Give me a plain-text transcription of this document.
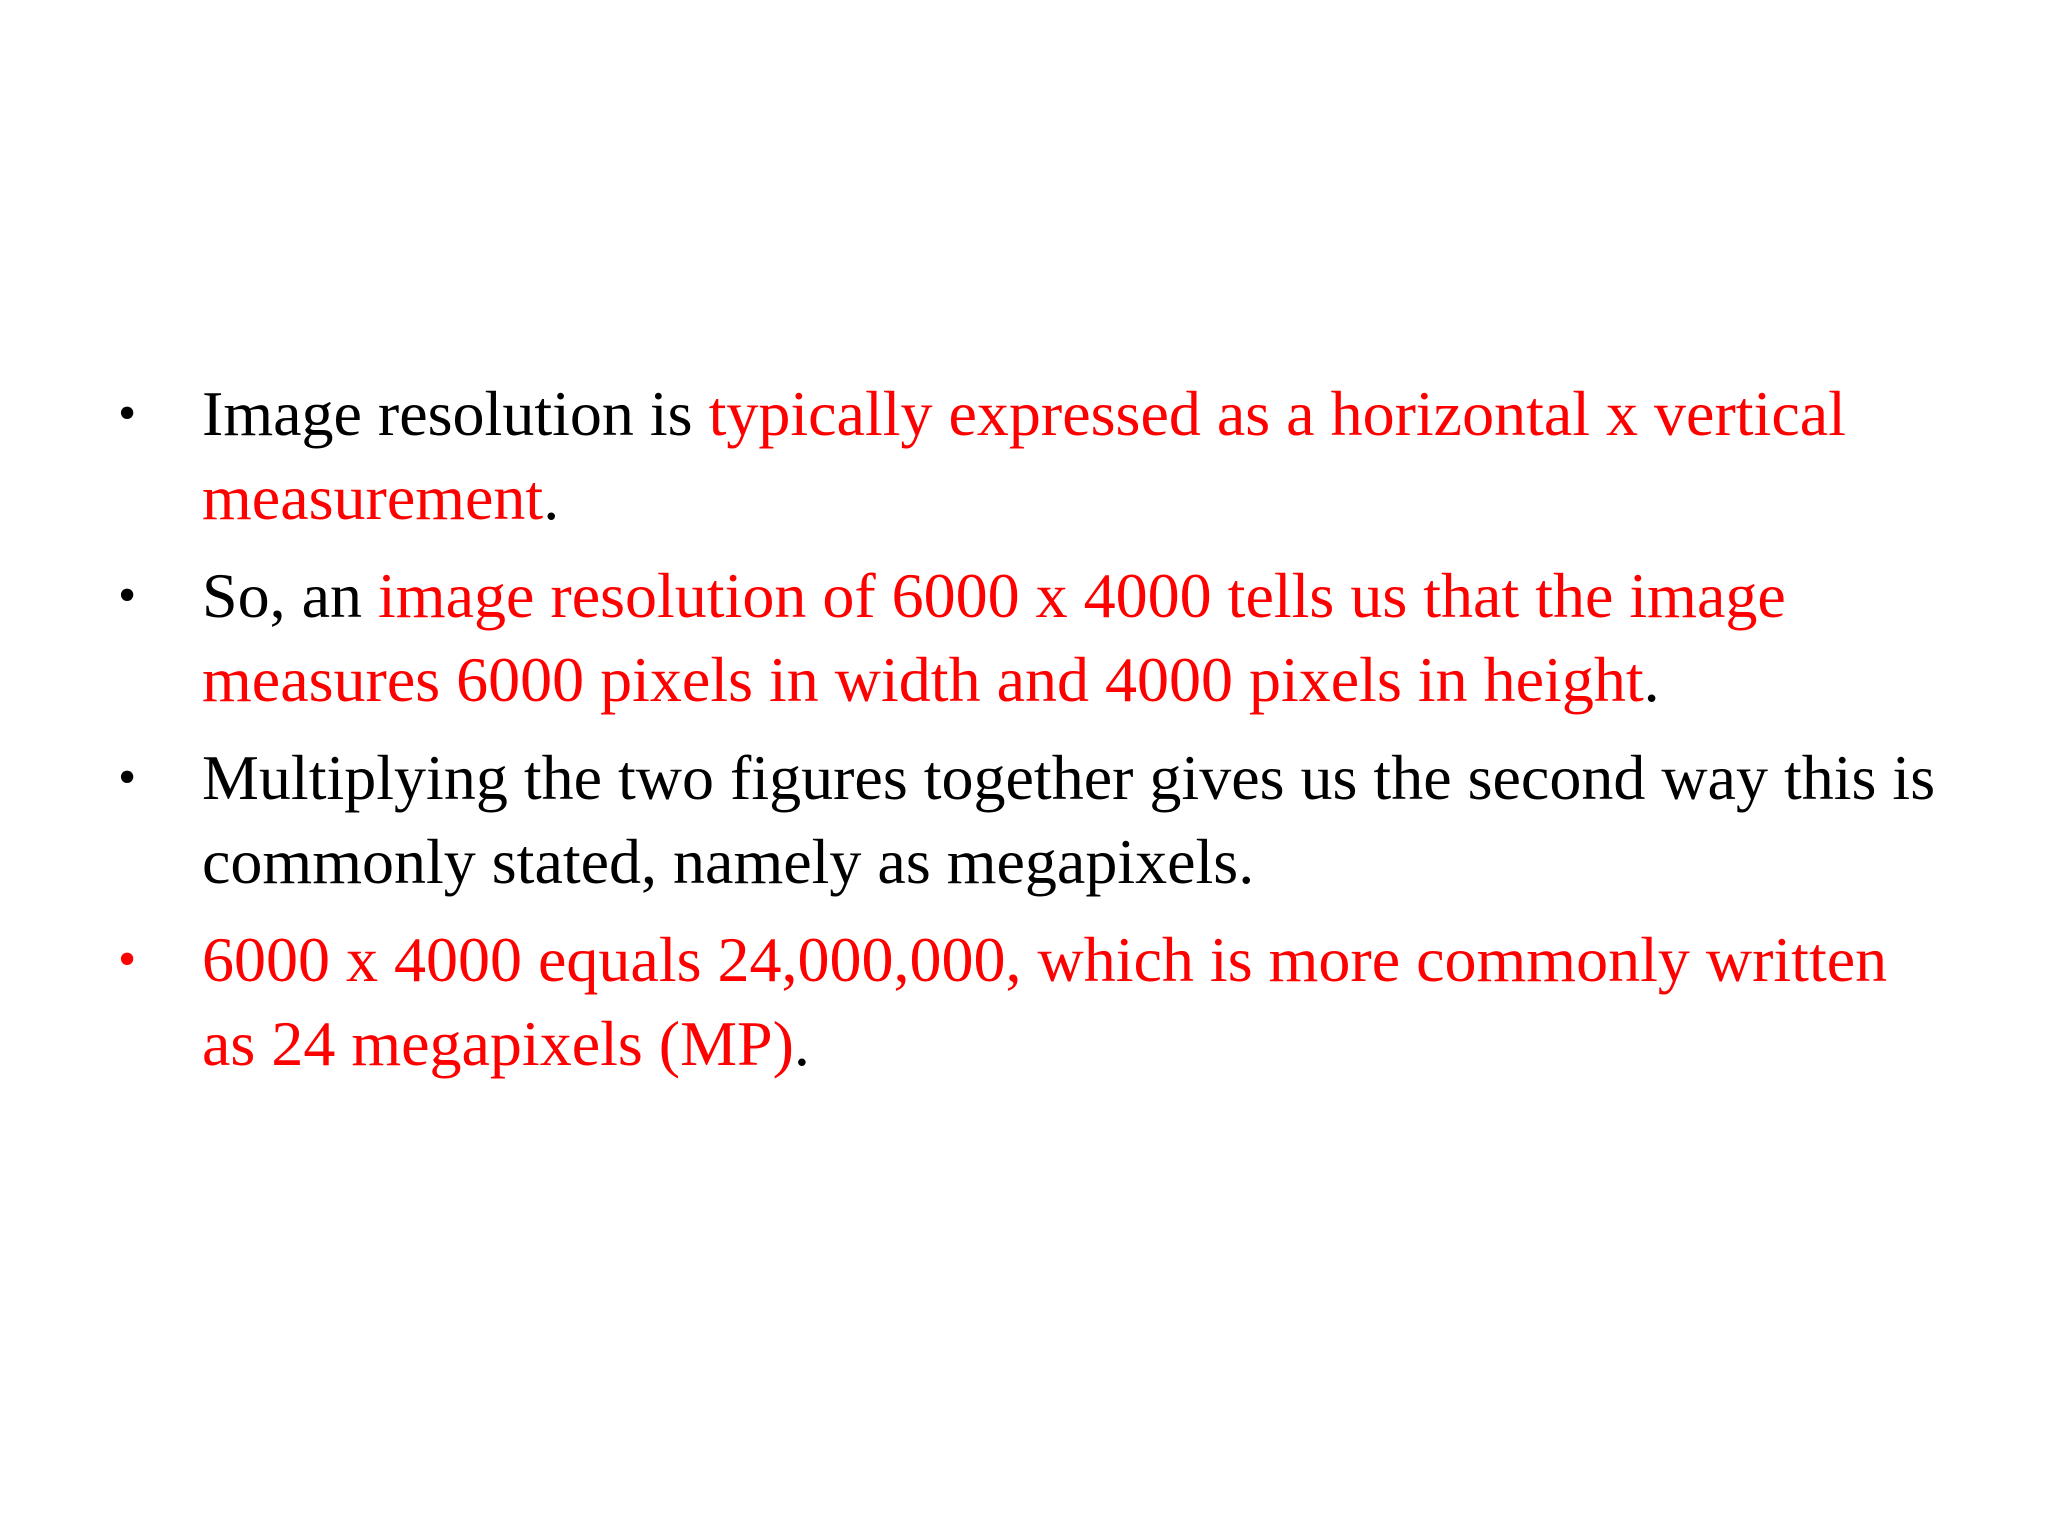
•	Image resolution is typically expressed as a horizontal x vertical measurement.
•	So, an image resolution of 6000 x 4000 tells us that the image measures 6000 pixels in width and 4000 pixels in height.
•	Multiplying the two figures together gives us the second way this is commonly stated, namely as megapixels.
•	6000 x 4000 equals 24,000,000, which is more commonly written as 24 megapixels (MP).
